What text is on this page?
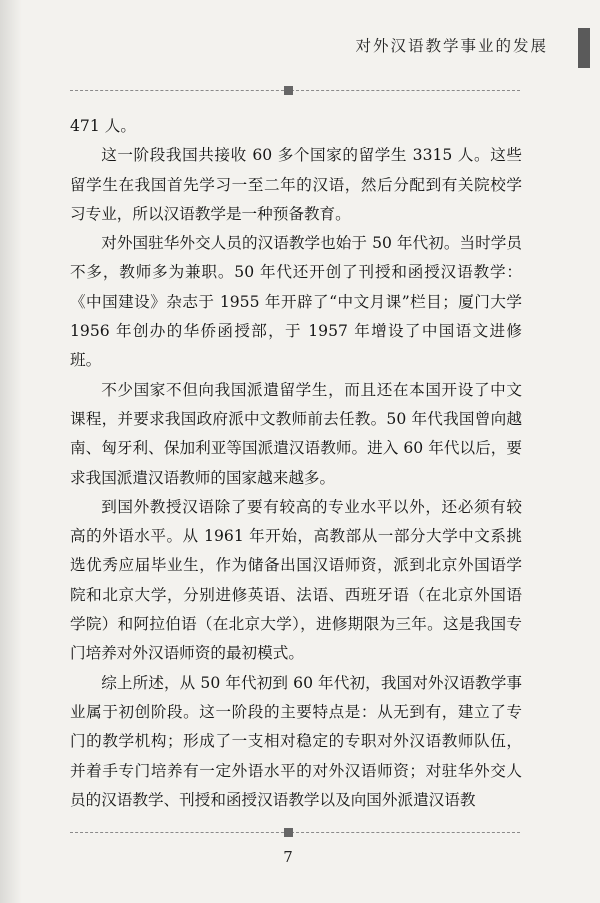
对外汉语教学事业的发展

471 人。

这一阶段我国共接收 60 多个国家的留学生 3315 人。这些留学生在我国首先学习一至二年的汉语，然后分配到有关院校学习专业，所以汉语教学是一种预备教育。

对外国驻华外交人员的汉语教学也始于 50 年代初。当时学员不多，教师多为兼职。50 年代还开创了刊授和函授汉语教学：《中国建设》杂志于 1955 年开辟了“中文月课”栏目；厦门大学 1956 年创办的华侨函授部，于 1957 年增设了中国语文进修班。

不少国家不但向我国派遣留学生，而且还在本国开设了中文课程，并要求我国政府派中文教师前去任教。50 年代我国曾向越南、匈牙利、保加利亚等国派遣汉语教师。进入 60 年代以后，要求我国派遣汉语教师的国家越来越多。

到国外教授汉语除了要有较高的专业水平以外，还必须有较高的外语水平。从 1961 年开始，高教部从一部分大学中文系挑选优秀应届毕业生，作为储备出国汉语师资，派到北京外国语学院和北京大学，分别进修英语、法语、西班牙语（在北京外国语学院）和阿拉伯语（在北京大学），进修期限为三年。这是我国专门培养对外汉语师资的最初模式。

综上所述，从 50 年代初到 60 年代初，我国对外汉语教学事业属于初创阶段。这一阶段的主要特点是：从无到有，建立了专门的教学机构；形成了一支相对稳定的专职对外汉语教师队伍，并着手专门培养有一定外语水平的对外汉语师资；对驻华外交人员的汉语教学、刊授和函授汉语教学以及向国外派遣汉语教

7
